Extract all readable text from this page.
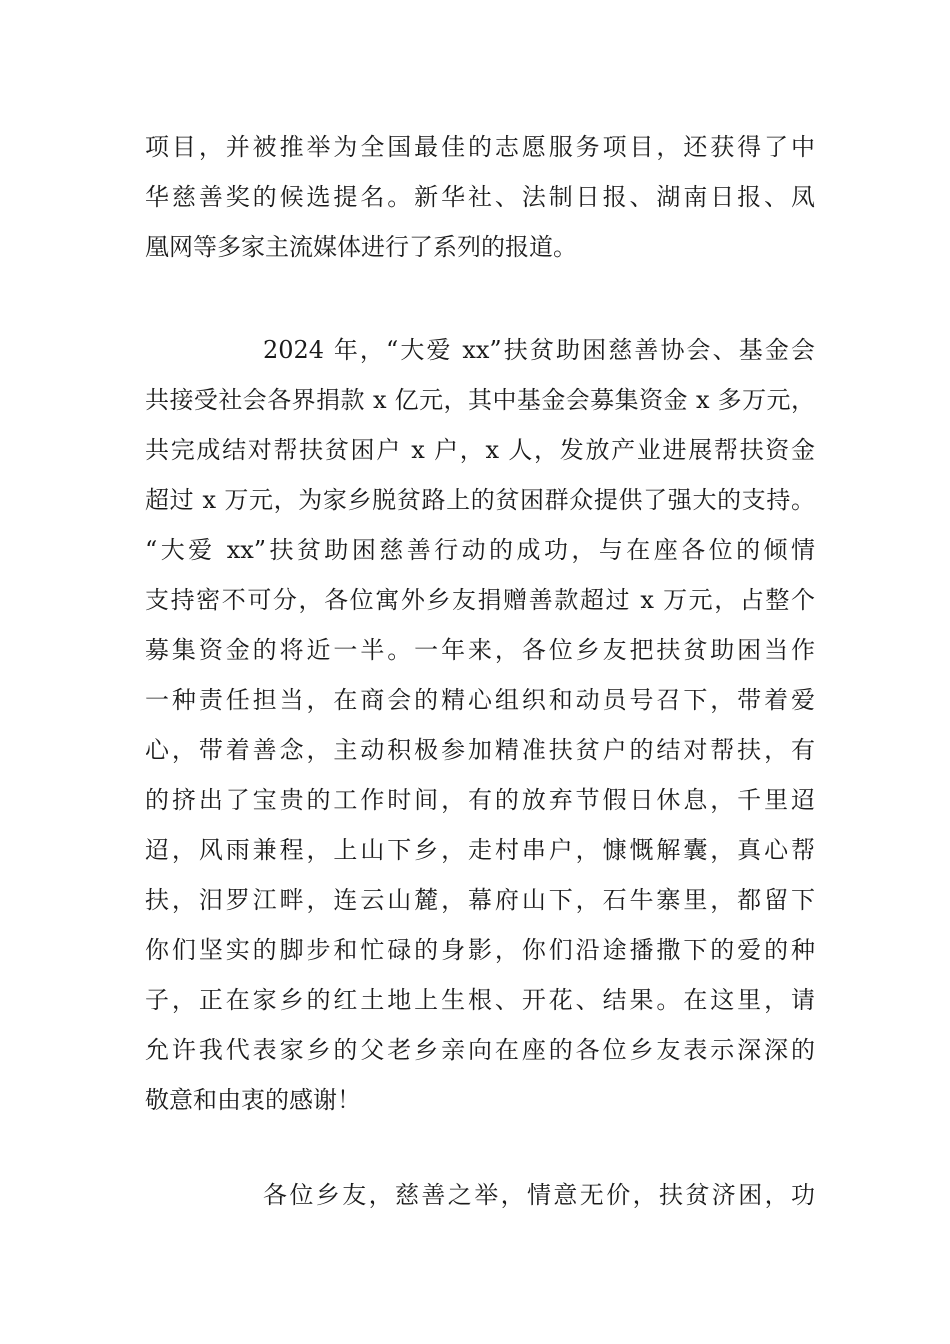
项目，并被推举为全国最佳的志愿服务项目，还获得了中
华慈善奖的候选提名。新华社、法制日报、湖南日报、凤
凰网等多家主流媒体进行了系列的报道。
2024 年，“大爱 xx”扶贫助困慈善协会、基金会
共接受社会各界捐款 x 亿元，其中基金会募集资金 x 多万元，
共完成结对帮扶贫困户 x 户，x 人，发放产业进展帮扶资金
超过 x 万元，为家乡脱贫路上的贫困群众提供了强大的支持。
“大爱 xx”扶贫助困慈善行动的成功，与在座各位的倾情
支持密不可分，各位寓外乡友捐赠善款超过 x 万元，占整个
募集资金的将近一半。一年来，各位乡友把扶贫助困当作
一种责任担当，在商会的精心组织和动员号召下，带着爱
心，带着善念，主动积极参加精准扶贫户的结对帮扶，有
的挤出了宝贵的工作时间，有的放弃节假日休息，千里迢
迢，风雨兼程，上山下乡，走村串户，慷慨解囊，真心帮
扶，汨罗江畔，连云山麓，幕府山下，石牛寨里，都留下
你们坚实的脚步和忙碌的身影，你们沿途播撒下的爱的种
子，正在家乡的红土地上生根、开花、结果。在这里，请
允许我代表家乡的父老乡亲向在座的各位乡友表示深深的
敬意和由衷的感谢！
各位乡友，慈善之举，情意无价，扶贫济困，功
